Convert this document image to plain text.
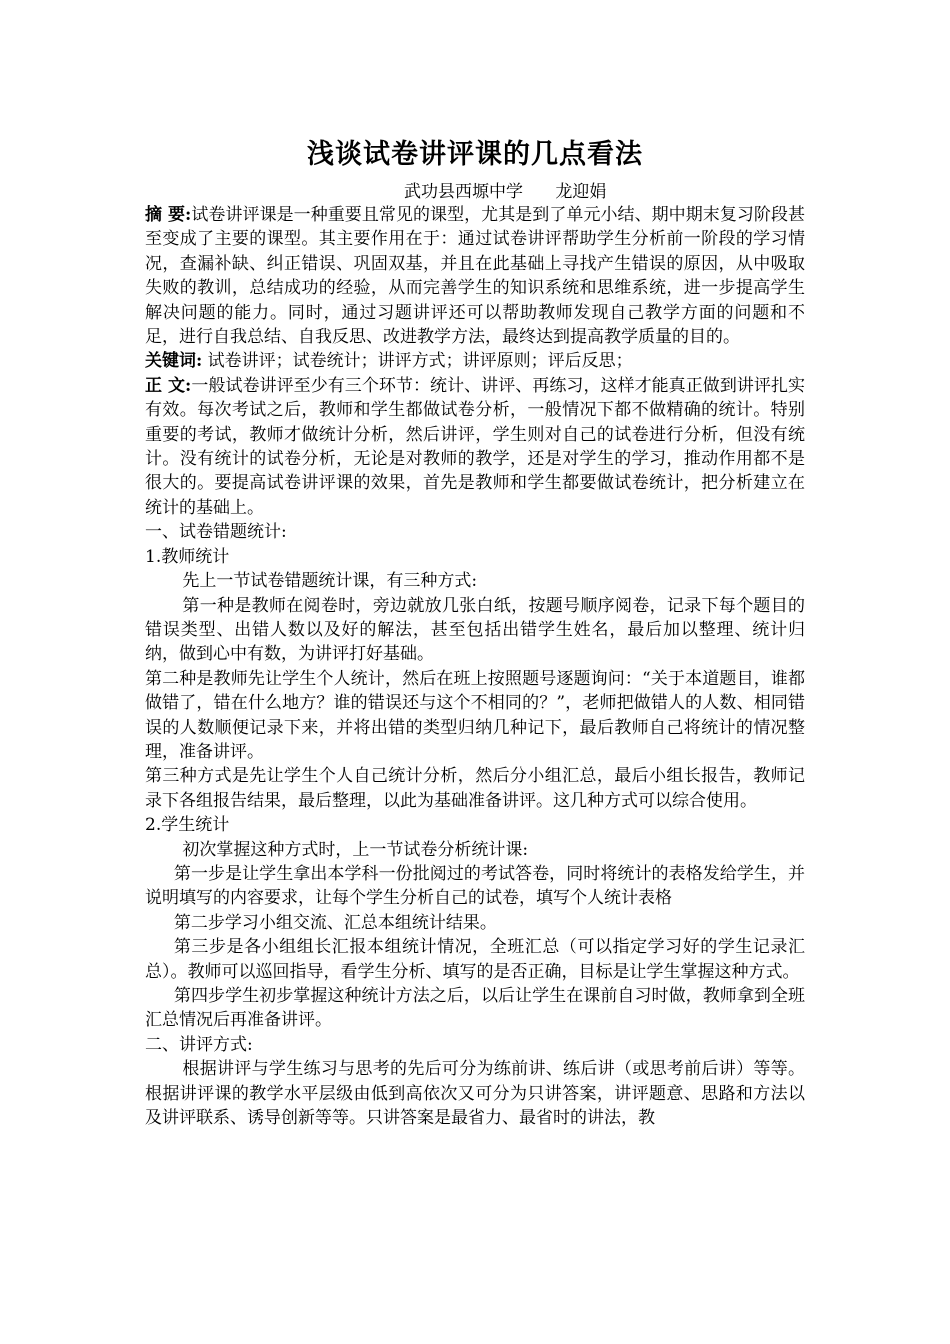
浅谈试卷讲评课的几点看法
武功县西塬中学      龙迎娟

摘 要:试卷讲评课是一种重要且常见的课型，尤其是到了单元小结、期中期末复习阶段甚至变成了主要的课型。其主要作用在于：通过试卷讲评帮助学生分析前一阶段的学习情况，查漏补缺、纠正错误、巩固双基，并且在此基础上寻找产生错误的原因，从中吸取失败的教训，总结成功的经验，从而完善学生的知识系统和思维系统，进一步提高学生解决问题的能力。同时，通过习题讲评还可以帮助教师发现自己教学方面的问题和不足，进行自我总结、自我反思、改进教学方法，最终达到提高教学质量的目的。

关键词: 试卷讲评；试卷统计；讲评方式；讲评原则；评后反思；

正 文:一般试卷讲评至少有三个环节：统计、讲评、再练习，这样才能真正做到讲评扎实有效。每次考试之后，教师和学生都做试卷分析，一般情况下都不做精确的统计。特别重要的考试，教师才做统计分析，然后讲评，学生则对自己的试卷进行分析，但没有统计。没有统计的试卷分析，无论是对教师的教学，还是对学生的学习，推动作用都不是很大的。要提高试卷讲评课的效果，首先是教师和学生都要做试卷统计，把分析建立在统计的基础上。

一、试卷错题统计:

1.教师统计

先上一节试卷错题统计课，有三种方式:

第一种是教师在阅卷时，旁边就放几张白纸，按题号顺序阅卷，记录下每个题目的错误类型、出错人数以及好的解法，甚至包括出错学生姓名，最后加以整理、统计归纳，做到心中有数，为讲评打好基础。

第二种是教师先让学生个人统计，然后在班上按照题号逐题询问：“关于本道题目，谁都做错了，错在什么地方？谁的错误还与这个不相同的？”，老师把做错人的人数、相同错误的人数顺便记录下来，并将出错的类型归纳几种记下，最后教师自己将统计的情况整理，准备讲评。

第三种方式是先让学生个人自己统计分析，然后分小组汇总，最后小组长报告，教师记录下各组报告结果，最后整理，以此为基础准备讲评。这几种方式可以综合使用。

2.学生统计

初次掌握这种方式时，上一节试卷分析统计课:

第一步是让学生拿出本学科一份批阅过的考试答卷，同时将统计的表格发给学生，并说明填写的内容要求，让每个学生分析自己的试卷，填写个人统计表格

第二步学习小组交流、汇总本组统计结果。

第三步是各小组组长汇报本组统计情况，全班汇总（可以指定学习好的学生记录汇总）。教师可以巡回指导，看学生分析、填写的是否正确，目标是让学生掌握这种方式。

第四步学生初步掌握这种统计方法之后，以后让学生在课前自习时做，教师拿到全班汇总情况后再准备讲评。

二、讲评方式:

根据讲评与学生练习与思考的先后可分为练前讲、练后讲（或思考前后讲）等等。根据讲评课的教学水平层级由低到高依次又可分为只讲答案，讲评题意、思路和方法以及讲评联系、诱导创新等等。只讲答案是最省力、最省时的讲法，教
